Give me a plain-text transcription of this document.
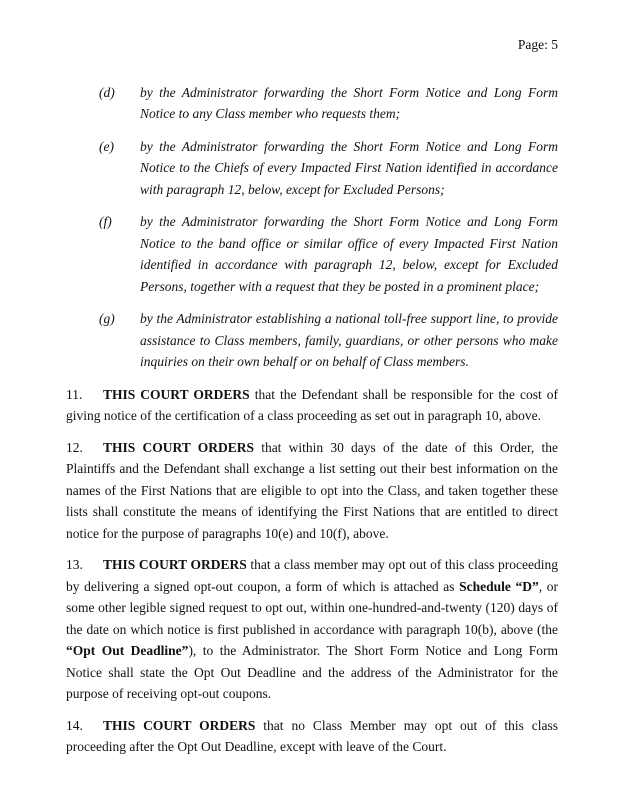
Page: 5
(d)	by the Administrator forwarding the Short Form Notice and Long Form Notice to any Class member who requests them;
(e)	by the Administrator forwarding the Short Form Notice and Long Form Notice to the Chiefs of every Impacted First Nation identified in accordance with paragraph 12, below, except for Excluded Persons;
(f)	by the Administrator forwarding the Short Form Notice and Long Form Notice to the band office or similar office of every Impacted First Nation identified in accordance with paragraph 12, below, except for Excluded Persons, together with a request that they be posted in a prominent place;
(g)	by the Administrator establishing a national toll-free support line, to provide assistance to Class members, family, guardians, or other persons who make inquiries on their own behalf or on behalf of Class members.

11. THIS COURT ORDERS that the Defendant shall be responsible for the cost of giving notice of the certification of a class proceeding as set out in paragraph 10, above.

12. THIS COURT ORDERS that within 30 days of the date of this Order, the Plaintiffs and the Defendant shall exchange a list setting out their best information on the names of the First Nations that are eligible to opt into the Class, and taken together these lists shall constitute the means of identifying the First Nations that are entitled to direct notice for the purpose of paragraphs 10(e) and 10(f), above.

13. THIS COURT ORDERS that a class member may opt out of this class proceeding by delivering a signed opt-out coupon, a form of which is attached as Schedule “D”, or some other legible signed request to opt out, within one-hundred-and-twenty (120) days of the date on which notice is first published in accordance with paragraph 10(b), above (the “Opt Out Deadline”), to the Administrator. The Short Form Notice and Long Form Notice shall state the Opt Out Deadline and the address of the Administrator for the purpose of receiving opt-out coupons.

14. THIS COURT ORDERS that no Class Member may opt out of this class proceeding after the Opt Out Deadline, except with leave of the Court.
